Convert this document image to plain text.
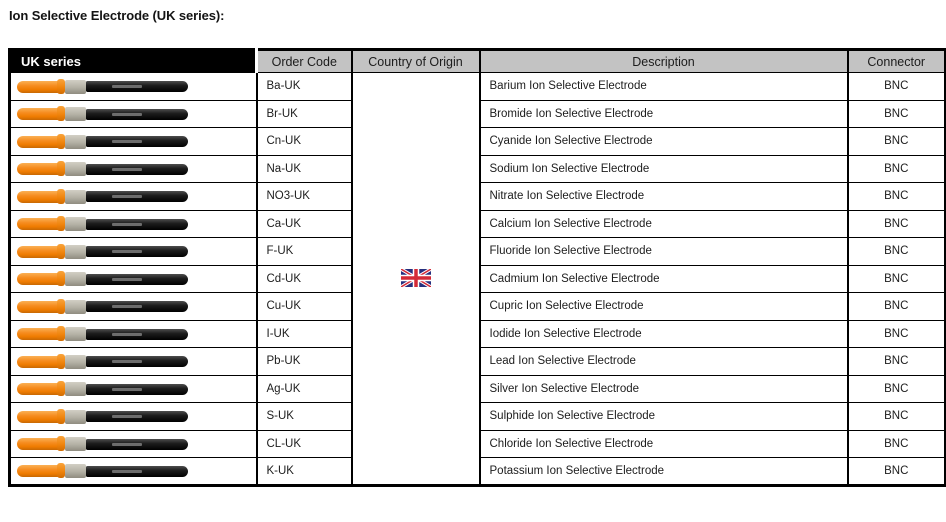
Ion Selective Electrode (UK series):
UK series	Order Code	Country of Origin	Description	Connector

	Ba-UK		Barium Ion Selective Electrode	BNC

	Br-UK		Bromide Ion Selective Electrode	BNC

	Cn-UK		Cyanide Ion Selective Electrode	BNC

	Na-UK		Sodium Ion Selective Electrode	BNC

	NO3-UK		Nitrate Ion Selective Electrode	BNC

	Ca-UK		Calcium Ion Selective Electrode	BNC

	F-UK		Fluoride Ion Selective Electrode	BNC

	Cd-UK		Cadmium Ion Selective Electrode	BNC

	Cu-UK		Cupric Ion Selective Electrode	BNC

	I-UK		Iodide Ion Selective Electrode	BNC

	Pb-UK		Lead Ion Selective Electrode	BNC

	Ag-UK		Silver Ion Selective Electrode	BNC

	S-UK		Sulphide Ion Selective Electrode	BNC

	CL-UK		Chloride Ion Selective Electrode	BNC

	K-UK		Potassium Ion Selective Electrode	BNC
